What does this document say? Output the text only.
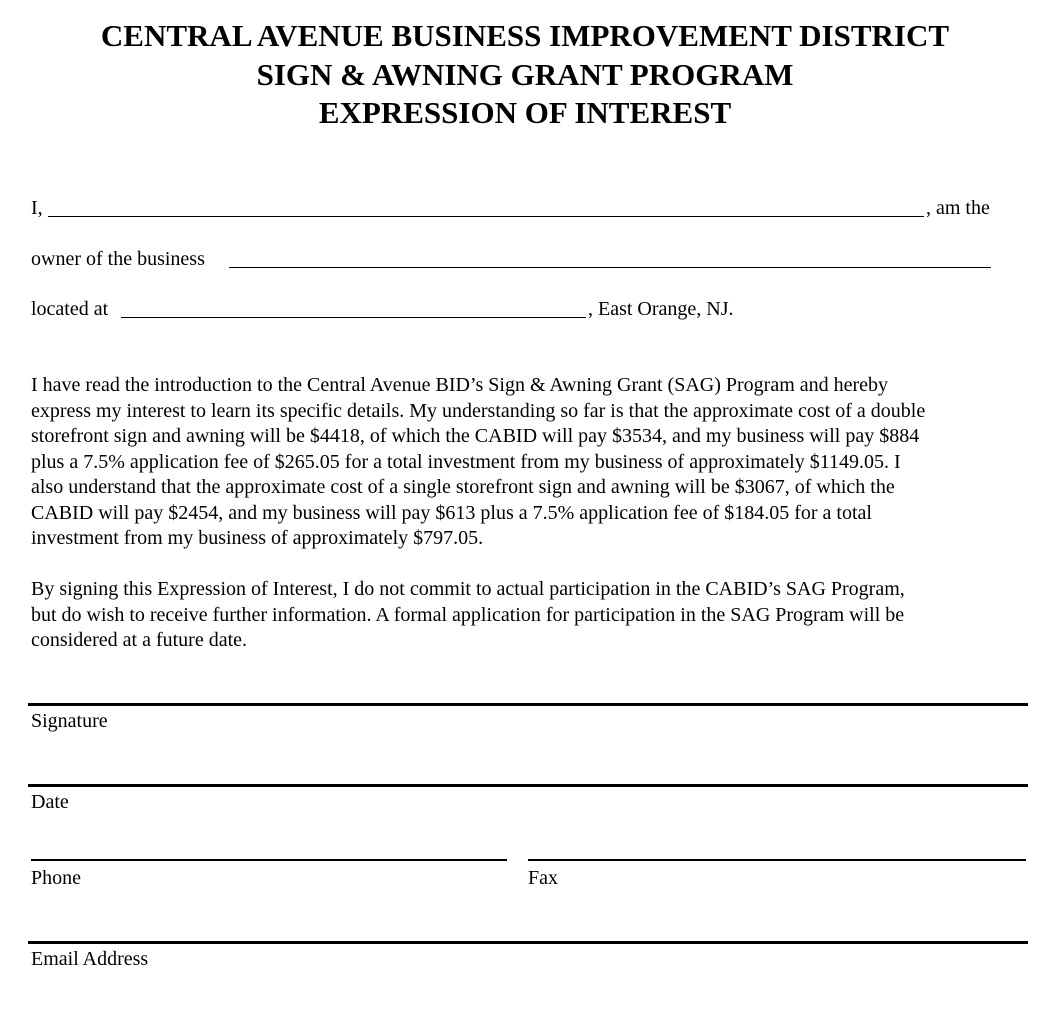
CENTRAL AVENUE BUSINESS IMPROVEMENT DISTRICT
SIGN & AWNING GRANT PROGRAM
EXPRESSION OF INTEREST
I,	, am the
owner of the business
located at	, East Orange, NJ.

I have read the introduction to the Central Avenue BID’s Sign & Awning Grant (SAG) Program and hereby
express my interest to learn its specific details. My understanding so far is that the approximate cost of a double
storefront sign and awning will be $4418, of which the CABID will pay $3534, and my business will pay $884
plus a 7.5% application fee of $265.05 for a total investment from my business of approximately $1149.05. I
also understand that the approximate cost of a single storefront sign and awning will be $3067, of which the
CABID will pay $2454, and my business will pay $613 plus a 7.5% application fee of $184.05 for a total
investment from my business of approximately $797.05.

By signing this Expression of Interest, I do not commit to actual participation in the CABID’s SAG Program,
but do wish to receive further information. A formal application for participation in the SAG Program will be
considered at a future date.

Signature
Date
Phone	Fax
Email Address
